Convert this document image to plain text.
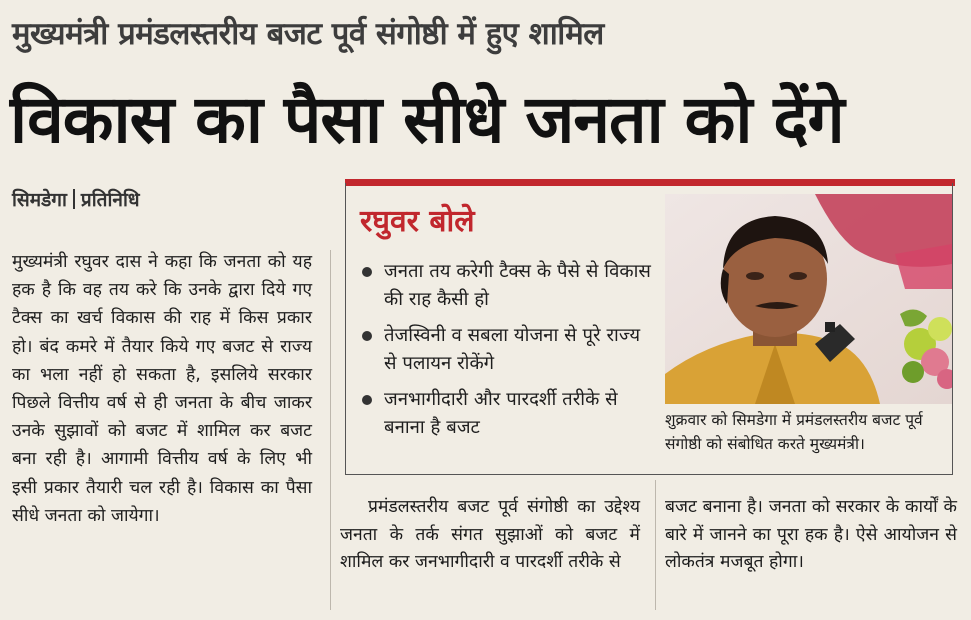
मुख्यमंत्री प्रमंडलस्तरीय बजट पूर्व संगोष्ठी में हुए शामिल
विकास का पैसा सीधे जनता को देंगे
सिमडेगा प्रतिनिधि
मुख्यमंत्री रघुवर दास ने कहा कि जनता को यह हक है कि वह तय करे कि उनके द्वारा दिये गए टैक्स का खर्च विकास की राह में किस प्रकार हो। बंद कमरे में तैयार किये गए बजट से राज्य का भला नहीं हो सकता है, इसलिये सरकार पिछले वित्तीय वर्ष से ही जनता के बीच जाकर उनके सुझावों को बजट में शामिल कर बजट बना रही है। आगामी वित्तीय वर्ष के लिए भी इसी प्रकार तैयारी चल रही है। विकास का पैसा सीधे जनता को जायेगा।
रघुवर बोले
जनता तय करेगी टैक्स के पैसे से विकास की राह कैसी हो
तेजस्विनी व सबला योजना से पूरे राज्य से पलायन रोकेंगे
जनभागीदारी और पारदर्शी तरीके से बनाना है बजट	शुक्रवार को सिमडेगा में प्रमंडलस्तरीय बजट पूर्व संगोष्ठी को संबोधित करते मुख्यमंत्री।
प्रमंडलस्तरीय बजट पूर्व संगोष्ठी का उद्देश्य जनता के तर्क संगत सुझाओं को बजट में शामिल कर जनभागीदारी व पारदर्शी तरीके से
बजट बनाना है। जनता को सरकार के कार्यों के बारे में जानने का पूरा हक है। ऐसे आयोजन से लोकतंत्र मजबूत होगा।
